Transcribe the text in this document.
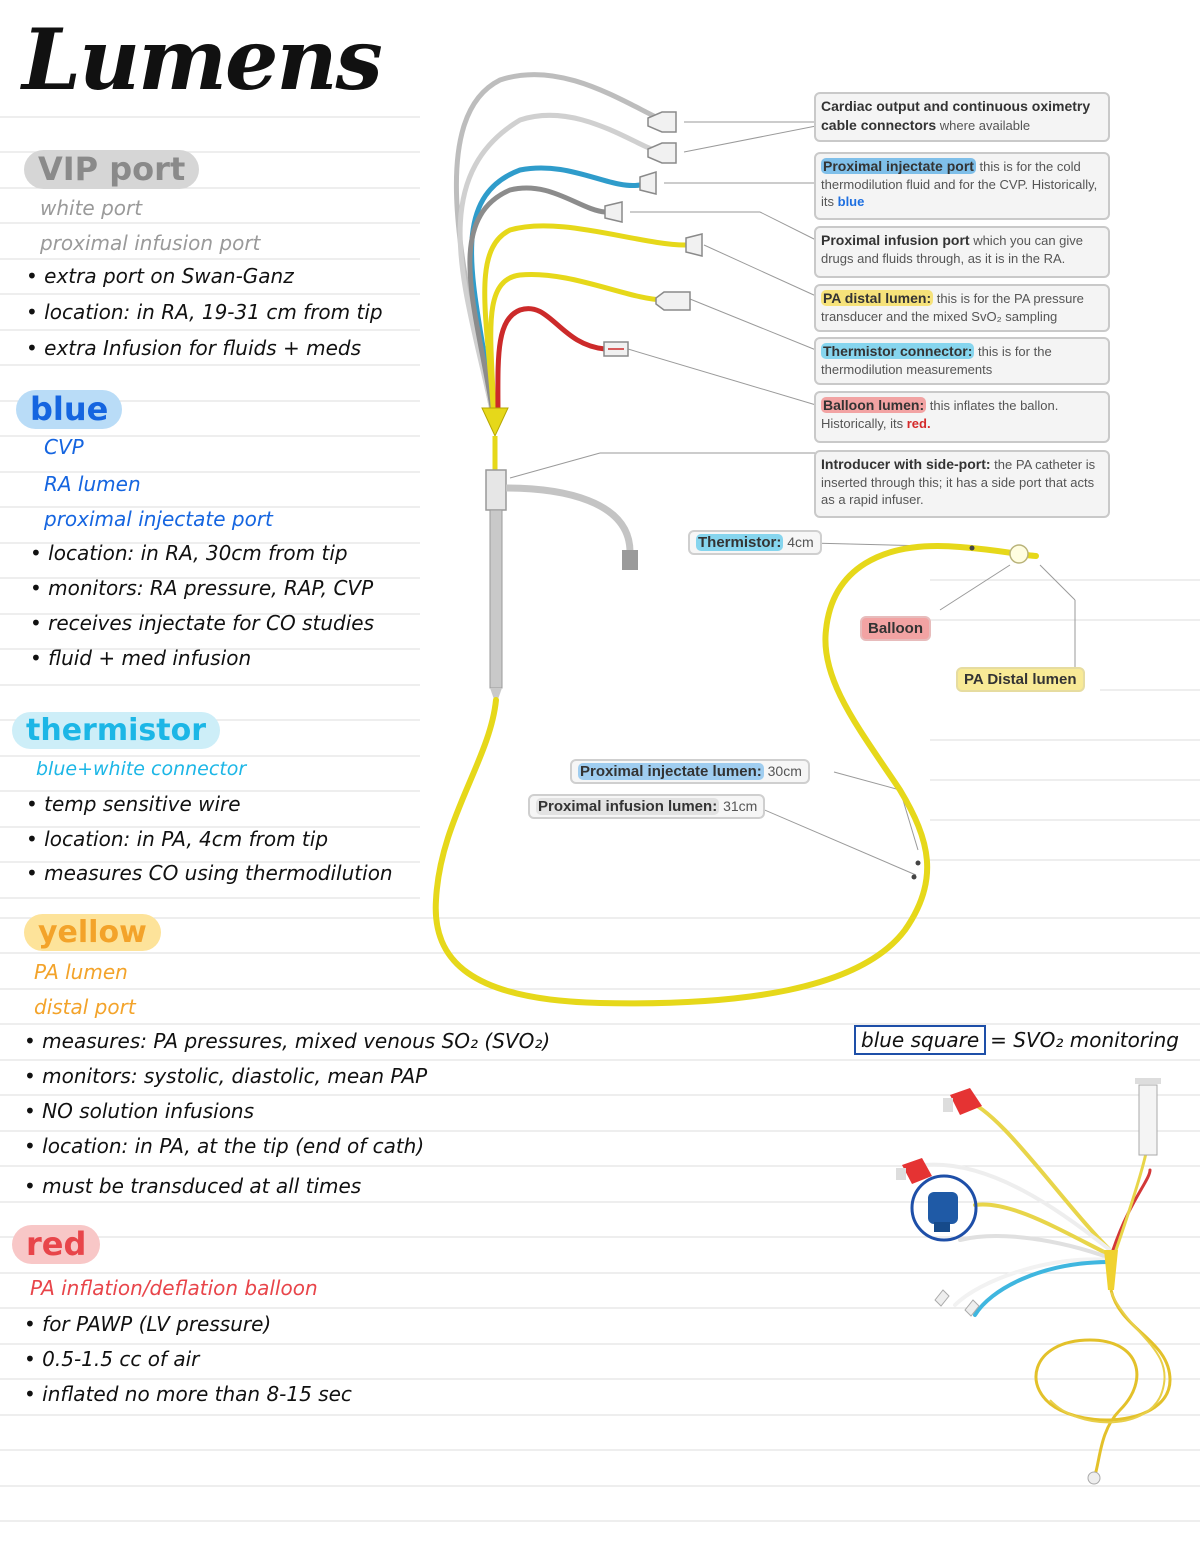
Lumens
VIP port
white port
proximal infusion port
• extra port on Swan-Ganz
• location: in RA, 19-31 cm from tip
• extra Infusion for fluids + meds
blue
CVP
RA lumen
proximal injectate port
• location: in RA, 30cm from tip
• monitors: RA pressure, RAP, CVP
• receives injectate for CO studies
• fluid + med infusion
thermistor
blue+white connector
• temp sensitive wire
• location: in PA, 4cm from tip
• measures CO using thermodilution
yellow
PA lumen
distal port
• measures: PA pressures, mixed venous SO₂ (SVO₂)
• monitors: systolic, diastolic, mean PAP
• NO solution infusions
• location: in PA, at the tip (end of cath)
• must be transduced at all times
red
PA inflation/deflation balloon
• for PAWP (LV pressure)
• 0.5-1.5 cc of air
• inflated no more than 8-15 sec
Cardiac output and continuous oximetry cable connectors where available
Proximal injectate port this is for the cold thermodilution fluid and for the CVP. Historically, its blue
Proximal infusion port which you can give drugs and fluids through, as it is in the RA.
PA distal lumen: this is for the PA pressure transducer and the mixed SvO₂ sampling
Thermistor connector: this is for the thermodilution measurements
Balloon lumen: this inflates the ballon. Historically, its red.
Introducer with side-port: the PA catheter is inserted through this; it has a side port that acts as a rapid infuser.
Thermistor: 4cm
Balloon
PA Distal lumen
Proximal injectate lumen: 30cm
Proximal infusion lumen: 31cm
blue square = SVO₂ monitoring
